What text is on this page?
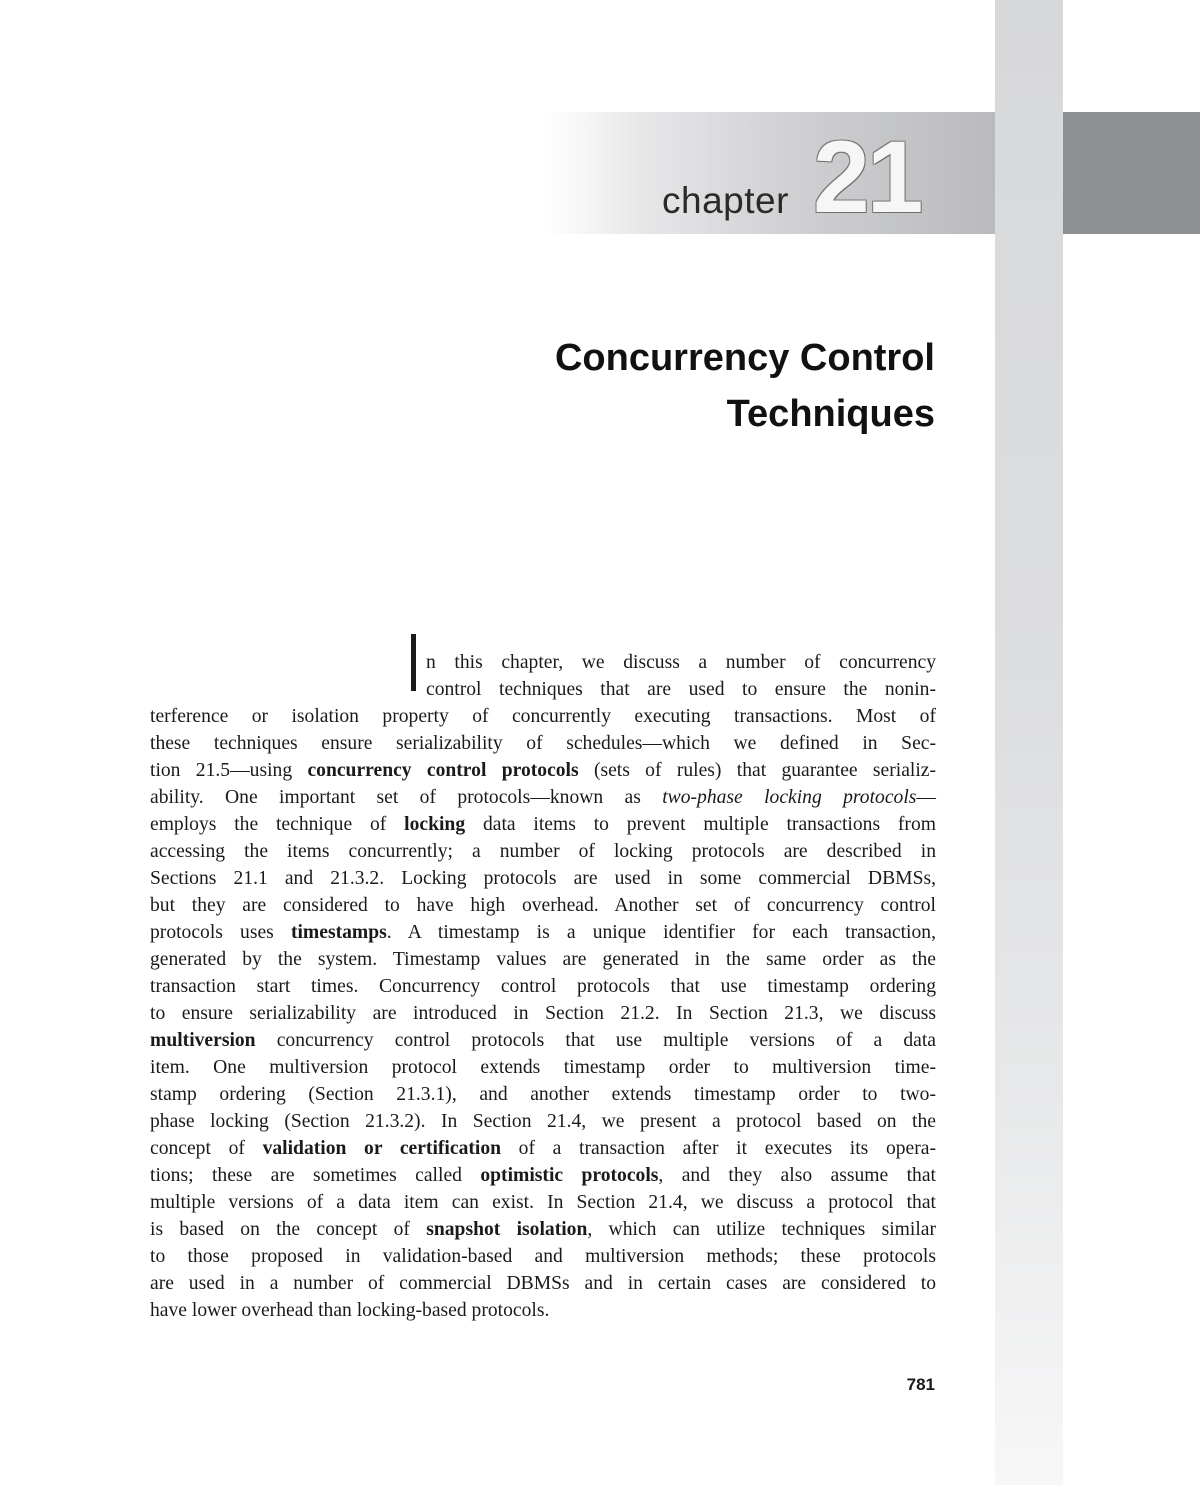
chapter 21
Concurrency Control
Techniques
n this chapter, we discuss a number of concurrency
control techniques that are used to ensure the nonin-
terference or isolation property of concurrently executing transactions. Most of
these techniques ensure serializability of schedules—which we defined in Sec-
tion 21.5—using concurrency control protocols (sets of rules) that guarantee serializ-
ability. One important set of protocols—known as two-phase locking protocols—
employs the technique of locking data items to prevent multiple transactions from
accessing the items concurrently; a number of locking protocols are described in
Sections 21.1 and 21.3.2. Locking protocols are used in some commercial DBMSs,
but they are considered to have high overhead. Another set of concurrency control
protocols uses timestamps. A timestamp is a unique identifier for each transaction,
generated by the system. Timestamp values are generated in the same order as the
transaction start times. Concurrency control protocols that use timestamp ordering
to ensure serializability are introduced in Section 21.2. In Section 21.3, we discuss
multiversion concurrency control protocols that use multiple versions of a data
item. One multiversion protocol extends timestamp order to multiversion time-
stamp ordering (Section 21.3.1), and another extends timestamp order to two-
phase locking (Section 21.3.2). In Section 21.4, we present a protocol based on the
concept of validation or certification of a transaction after it executes its opera-
tions; these are sometimes called optimistic protocols, and they also assume that
multiple versions of a data item can exist. In Section 21.4, we discuss a protocol that
is based on the concept of snapshot isolation, which can utilize techniques similar
to those proposed in validation-based and multiversion methods; these protocols
are used in a number of commercial DBMSs and in certain cases are considered to
have lower overhead than locking-based protocols.
781
